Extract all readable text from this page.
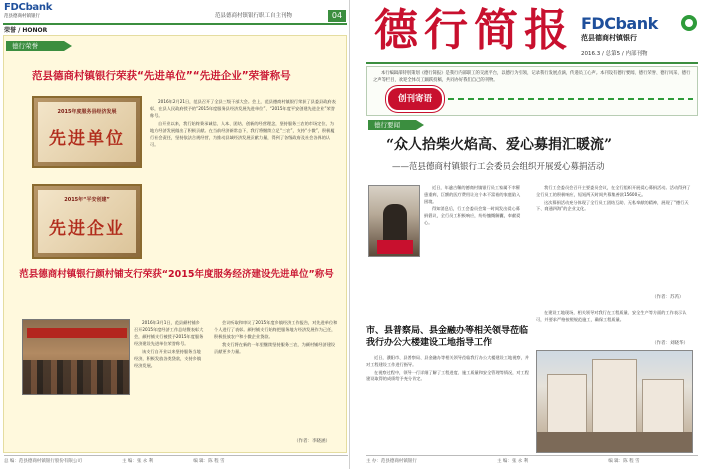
FDCbank
范县德商村镇银行	范县德商村镇银行职工自主刊物	04
荣誉 / HONOR
德行荣誉
范县德商村镇银行荣获“先进单位”“先进企业”荣誉称号
2015年度服务县经济发展
先进单位
2015年“平安创建”
先进企业

2016年2月21日，范县召开了全县三级干部大会。会上，范县德商村镇银行荣获了县委县政府表彰，在县人民政府授予的“2015年度服务县经济发展先进单位”、“2015年度平安创建先进企业”荣誉称号。

自开业以来，我行始终秉承诚信、人本、团结、创新的经营理念，坚持服务三农的市场定位，为地方经济发展做出了积极贡献。在当前经济新常态下，我行将继续立足“三农”，支持“小微”，积极履行社会责任，坚持依法合规经营，为推动县域经济发展贡献力量，得到了各级政府及社会各界的认可。

范县德商村镇银行颜村铺支行荣获“2015年度服务经济建设先进单位”称号

2016年3月1日，范县颜村铺乡召开2015年度经济工作总结暨表彰大会，颜村铺支行被授予2015年度服务经济建设先进单位荣誉称号。

该支行自开业以来坚持服务当地经济，积极发放各类贷款，支持乡镇经济发展。

会议听取和审议了2015年度乡镇经济工作报告，对先进单位和个人进行了表彰。颜村铺支行始终把服务地方经济发展作为己任，积极投放农户和小微企业贷款。

我支行将在新的一年里继续坚持服务三农，为颜村铺经济建设贡献更多力量。

（作者：李晓涵）
总 编：范县德商村镇银行股份有限公司	主 编：张 永 利	编 辑：陈 程 雪
德行简报 FDCbank
范县德商村镇银行
2016.3 / 总第5 / 内部刊物
本行编辑部特别策划《德行简报》是我行内部职工的交流平台，以德行为引领，记录我行发展点滴，传递员工心声。本刊设有德行要闻、德行荣誉、德行风采、德行之声等栏目，欢迎全体员工踊跃投稿，共同办好我们自己的刊物。
创刊寄语
德行要闻
“众人拾柴火焰高、爱心募捐汇暖流”
——范县德商村镇银行工会委员会组织开展爱心募捐活动

近日，年逾古稀的德商村镇银行员工家属不幸罹患重病，巨额的医疗费用让这个本不富裕的家庭陷入困境。

得知消息后，行工会委员会第一时间发出爱心募捐倡议，全行员工积极响应，纷纷慷慨解囊，奉献爱心。

我行工会委员会召开主要委员会议，在全行组织开展爱心募捐活动。活动得到了全行员工的积极响应，短短两天时间共募集善款15600元。

这次募捐活动充分体现了全行员工团结互助、无私奉献的精神，展现了“德行天下、商通四海”的企业文化。

（作者：苏芮）
市、县普察局、县金融办等相关领导莅临我行办公大楼建设工地指导工作

近日，濮阳市、县普察局、县金融办等相关领导莅临我行办公大楼建设工地视察，并对工程建设工作进行指导。

在视察过程中，领导一行详细了解了工程进度、施工质量和安全管理等情况，对工程建设取得的成绩给予充分肯定。

在建设工地现场，相关领导对我行在工程质量、安全生产等方面的工作表示认可，并要求严格按照规范施工，确保工程质量。

（作者：刘晓华）
主 办：范县德商村镇银行	主 编：张 永 利	编 辑：陈 程 雪
